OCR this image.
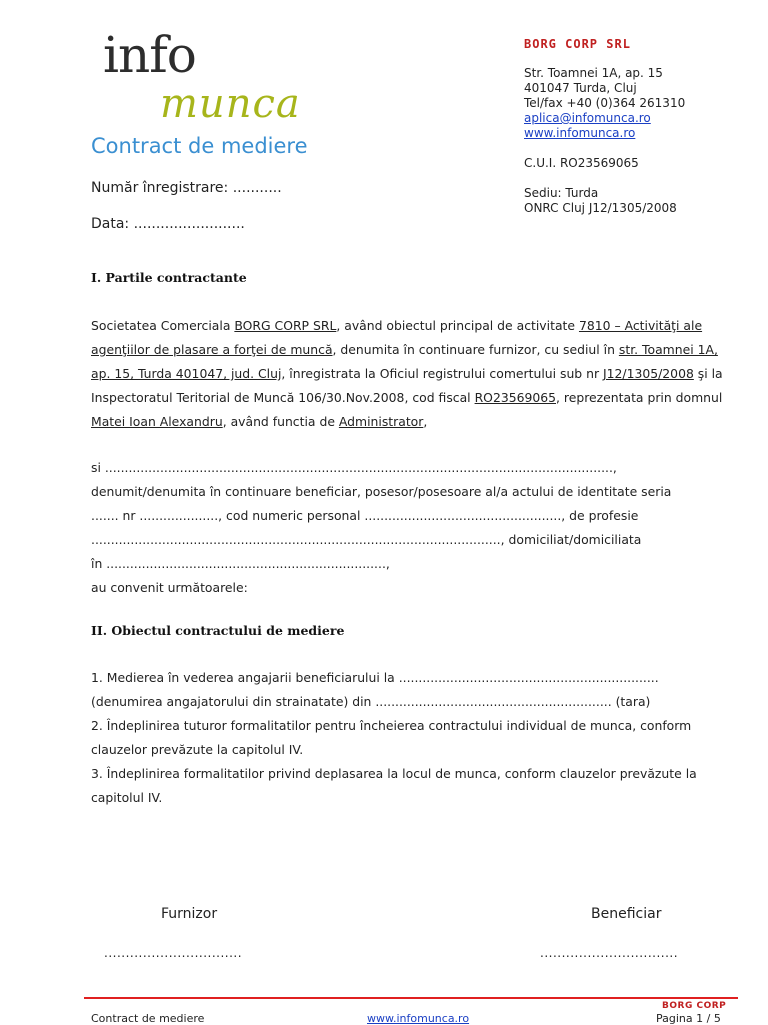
info
munca
Contract de mediere
Număr înregistrare: ...........
Data: .........................
BORG CORP SRL
Str. Toamnei 1A, ap. 15
401047 Turda, Cluj
Tel/fax +40 (0)364 261310
aplica@infomunca.ro
www.infomunca.ro
C.U.I. RO23569065
Sediu: Turda
ONRC Cluj J12/1305/2008
I. Partile contractante
Societatea Comerciala BORG CORP SRL, având obiectul principal de activitate 7810 – Activităţi ale agenţiilor de plasare a forţei de muncă, denumita în continuare furnizor, cu sediul în str. Toamnei 1A, ap. 15, Turda 401047, jud. Cluj, înregistrata la Oficiul registrului comertului sub nr J12/1305/2008 şi la Inspectoratul Teritorial de Muncă 106/30.Nov.2008, cod fiscal RO23569065, reprezentata prin domnul Matei Ioan Alexandru, având functia de Administrator,
si .................................................................................................................................,
denumit/denumita în continuare beneficiar, posesor/posesoare al/a actului de identitate seria
....... nr ...................., cod numeric personal .................................................., de profesie
........................................................................................................, domiciliat/domiciliata
în .......................................................................,
au convenit următoarele:
II. Obiectul contractului de mediere
1. Medierea în vederea angajarii beneficiarului la ..................................................................
(denumirea angajatorului din strainatate) din ............................................................ (tara)
2. Îndeplinirea tuturor formalitatilor pentru încheierea contractului individual de munca, conform
clauzelor prevăzute la capitolul IV.
3. Îndeplinirea formalitatilor privind deplasarea la locul de munca, conform clauzelor prevăzute la
capitolul IV.
Furnizor	Beneficiar
................................	................................
BORG CORP
Contract de mediere	www.infomunca.ro	Pagina 1 / 5
